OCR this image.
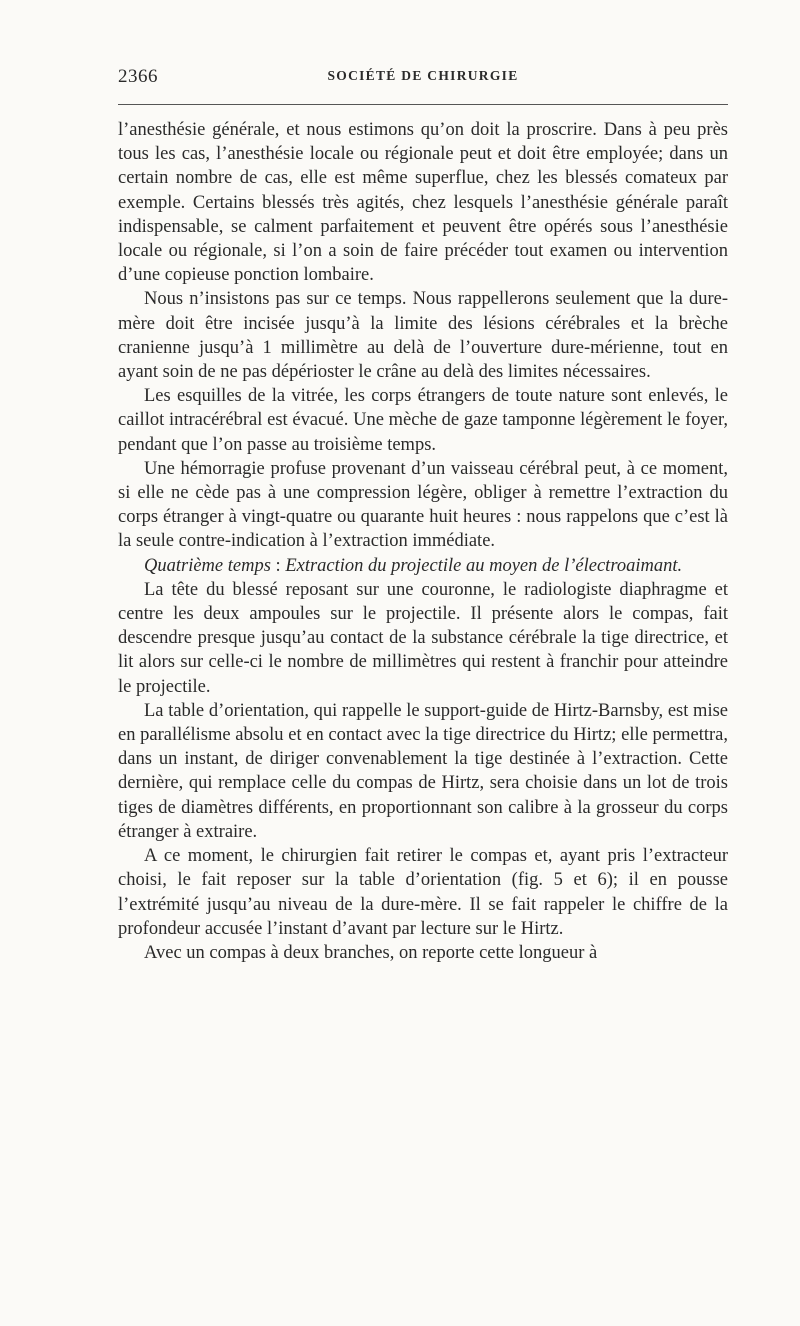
2366	SOCIÉTÉ DE CHIRURGIE

l’anesthésie générale, et nous estimons qu’on doit la proscrire. Dans à peu près tous les cas, l’anesthésie locale ou régionale peut et doit être employée; dans un certain nombre de cas, elle est même superflue, chez les blessés comateux par exemple. Certains blessés très agités, chez lesquels l’anesthésie générale paraît indispensable, se calment parfaitement et peuvent être opérés sous l’anesthésie locale ou régionale, si l’on a soin de faire précéder tout examen ou intervention d’une copieuse ponction lombaire.

Nous n’insistons pas sur ce temps. Nous rappellerons seulement que la dure-mère doit être incisée jusqu’à la limite des lésions cérébrales et la brèche cranienne jusqu’à 1 millimètre au delà de l’ouverture dure-mérienne, tout en ayant soin de ne pas dépérioster le crâne au delà des limites nécessaires.

Les esquilles de la vitrée, les corps étrangers de toute nature sont enlevés, le caillot intracérébral est évacué. Une mèche de gaze tamponne légèrement le foyer, pendant que l’on passe au troisième temps.

Une hémorragie profuse provenant d’un vaisseau cérébral peut, à ce moment, si elle ne cède pas à une compression légère, obliger à remettre l’extraction du corps étranger à vingt-quatre ou quarante huit heures : nous rappelons que c’est là la seule contre-indication à l’extraction immédiate.

Quatrième temps : Extraction du projectile au moyen de l’électroaimant.

La tête du blessé reposant sur une couronne, le radiologiste diaphragme et centre les deux ampoules sur le projectile. Il présente alors le compas, fait descendre presque jusqu’au contact de la substance cérébrale la tige directrice, et lit alors sur celle-ci le nombre de millimètres qui restent à franchir pour atteindre le projectile.

La table d’orientation, qui rappelle le support-guide de Hirtz-Barnsby, est mise en parallélisme absolu et en contact avec la tige directrice du Hirtz; elle permettra, dans un instant, de diriger convenablement la tige destinée à l’extraction. Cette dernière, qui remplace celle du compas de Hirtz, sera choisie dans un lot de trois tiges de diamètres différents, en proportionnant son calibre à la grosseur du corps étranger à extraire.

A ce moment, le chirurgien fait retirer le compas et, ayant pris l’extracteur choisi, le fait reposer sur la table d’orientation (fig. 5 et 6); il en pousse l’extrémité jusqu’au niveau de la dure-mère. Il se fait rappeler le chiffre de la profondeur accusée l’instant d’avant par lecture sur le Hirtz.

Avec un compas à deux branches, on reporte cette longueur à
